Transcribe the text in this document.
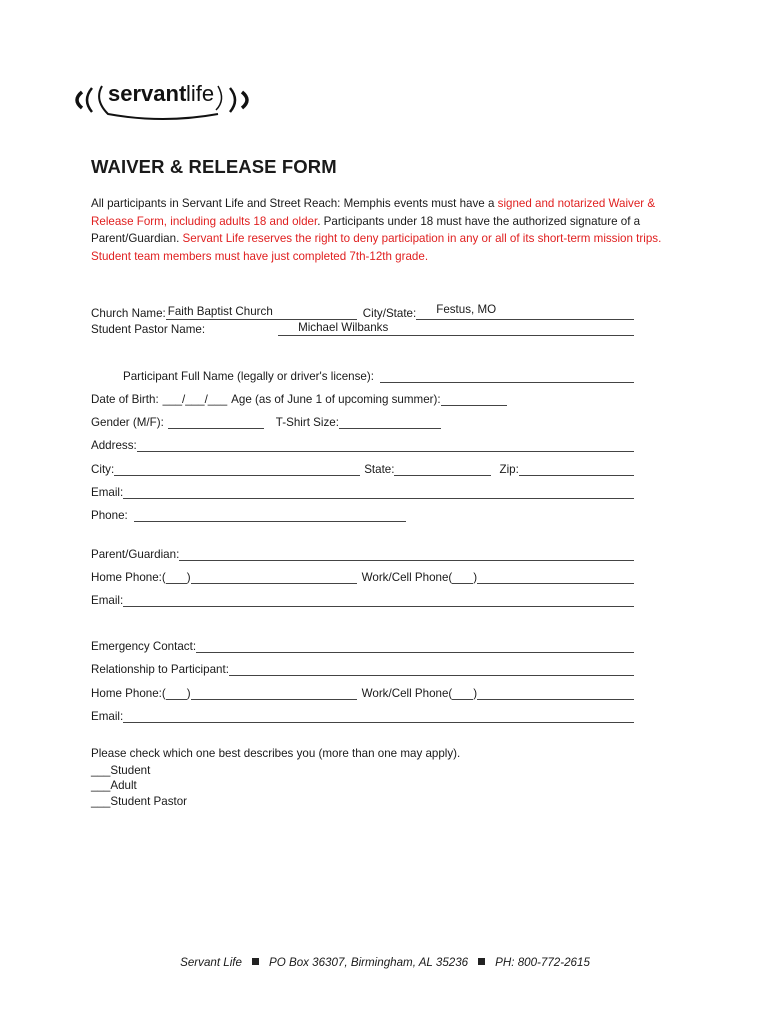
servant life
WAIVER & RELEASE FORM
All participants in Servant Life and Street Reach: Memphis events must have a signed and notarized Waiver & Release Form, including adults 18 and older. Participants under 18 must have the authorized signature of a Parent/Guardian. Servant Life reserves the right to deny participation in any or all of its short-term mission trips. Student team members must have just completed 7th-12th grade.
Church Name: Faith Baptist Church	City/State:	Festus, MO
Student Pastor Name:	Michael Wilbanks
Participant Full Name (legally or driver's license):
Date of Birth: ___/___/___ Age (as of June 1 of upcoming summer):
Gender (M/F):	T-Shirt Size:
Address:
City:	State:	Zip:
Email:
Phone:
Parent/Guardian:
Home Phone:( )	Work/Cell Phone( )
Email:
Emergency Contact:
Relationship to Participant:
Home Phone:( )	Work/Cell Phone( )
Email:
Please check which one best describes you (more than one may apply).
___Student
___Adult
___Student Pastor
Servant Life PO Box 36307, Birmingham, AL 35236 PH: 800-772-2615
